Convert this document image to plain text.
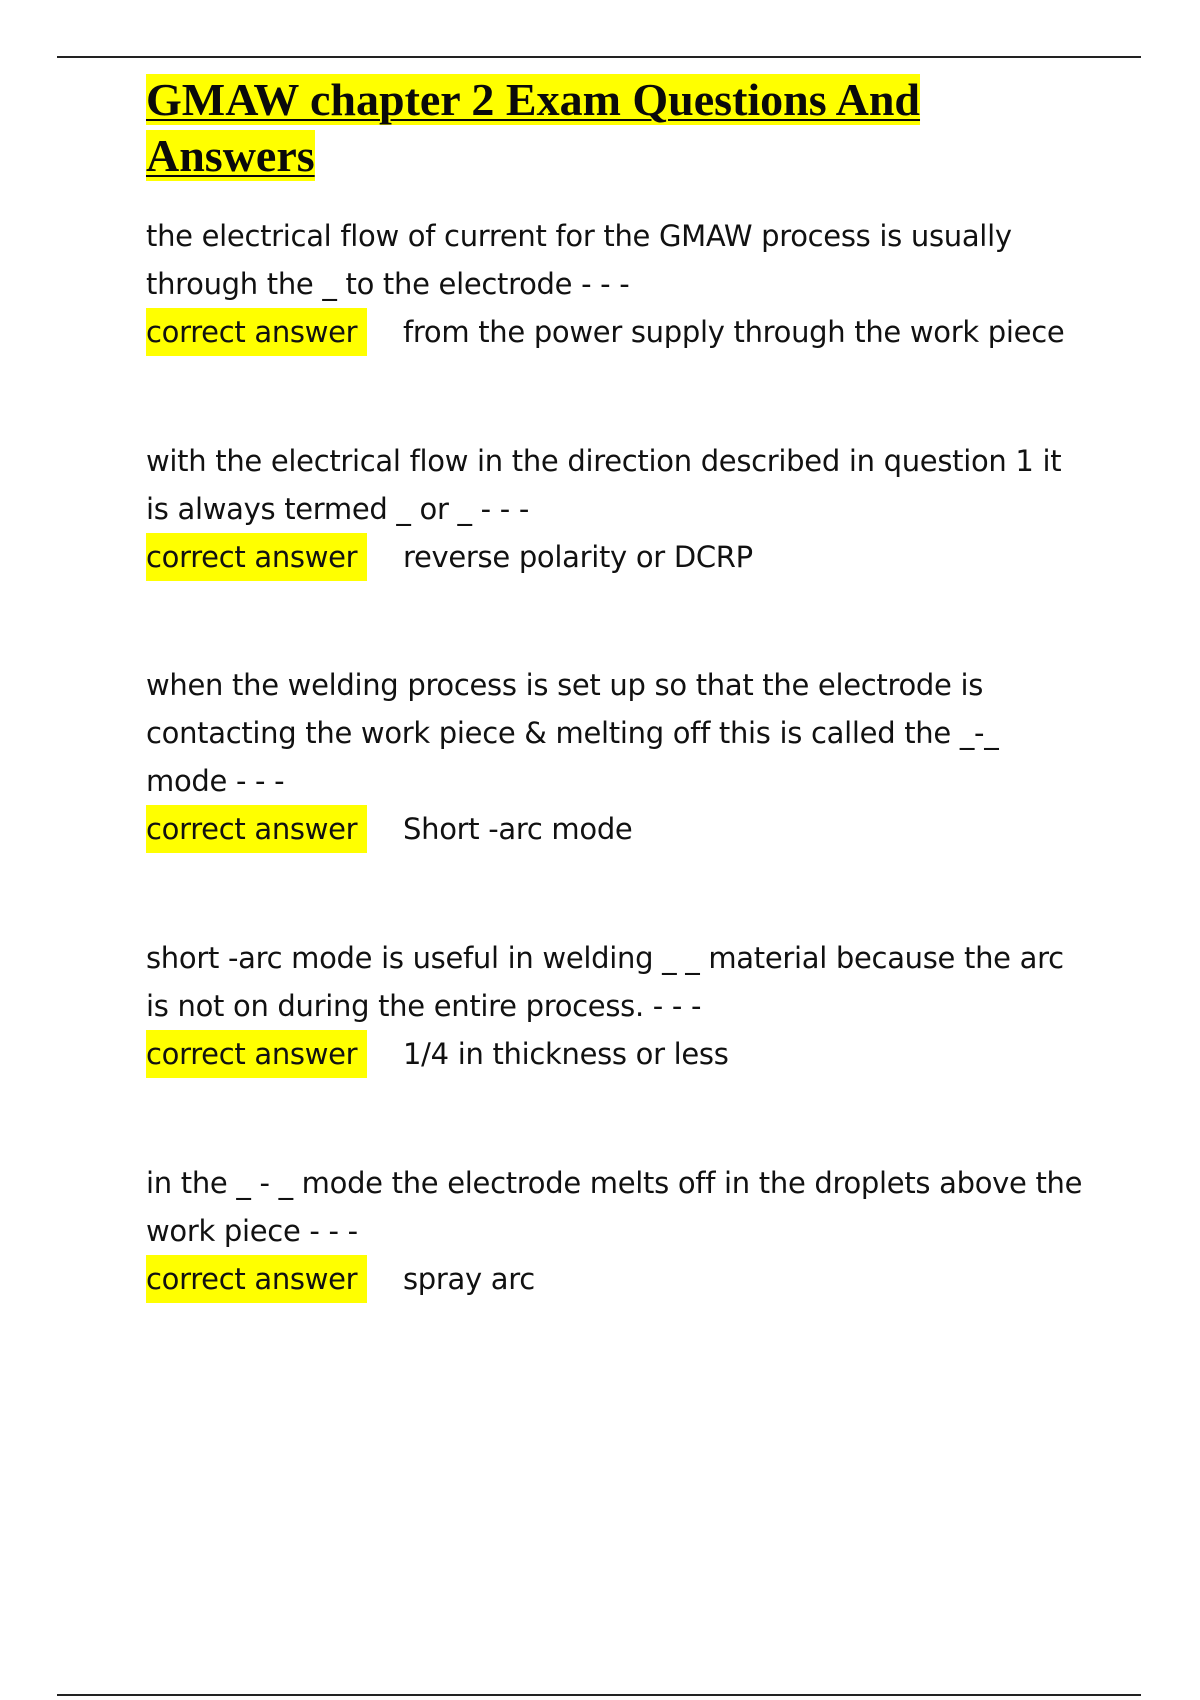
GMAW chapter 2 Exam Questions And Answers

the electrical flow of current for the GMAW process is usually through the _ to the electrode - - -

correct answer	from the power supply through the work piece

with the electrical flow in the direction described in question 1 it is always termed _ or _ - - -

correct answer	reverse polarity or DCRP

when the welding process is set up so that the electrode is contacting the work piece & melting off this is called the _-_ mode - - -

correct answer	Short -arc mode

short -arc mode is useful in welding _ _ material because the arc is not on during the entire process. - - -

correct answer	1/4 in thickness or less

in the _ - _ mode the electrode melts off in the droplets above the work piece - - -

correct answer	spray arc
